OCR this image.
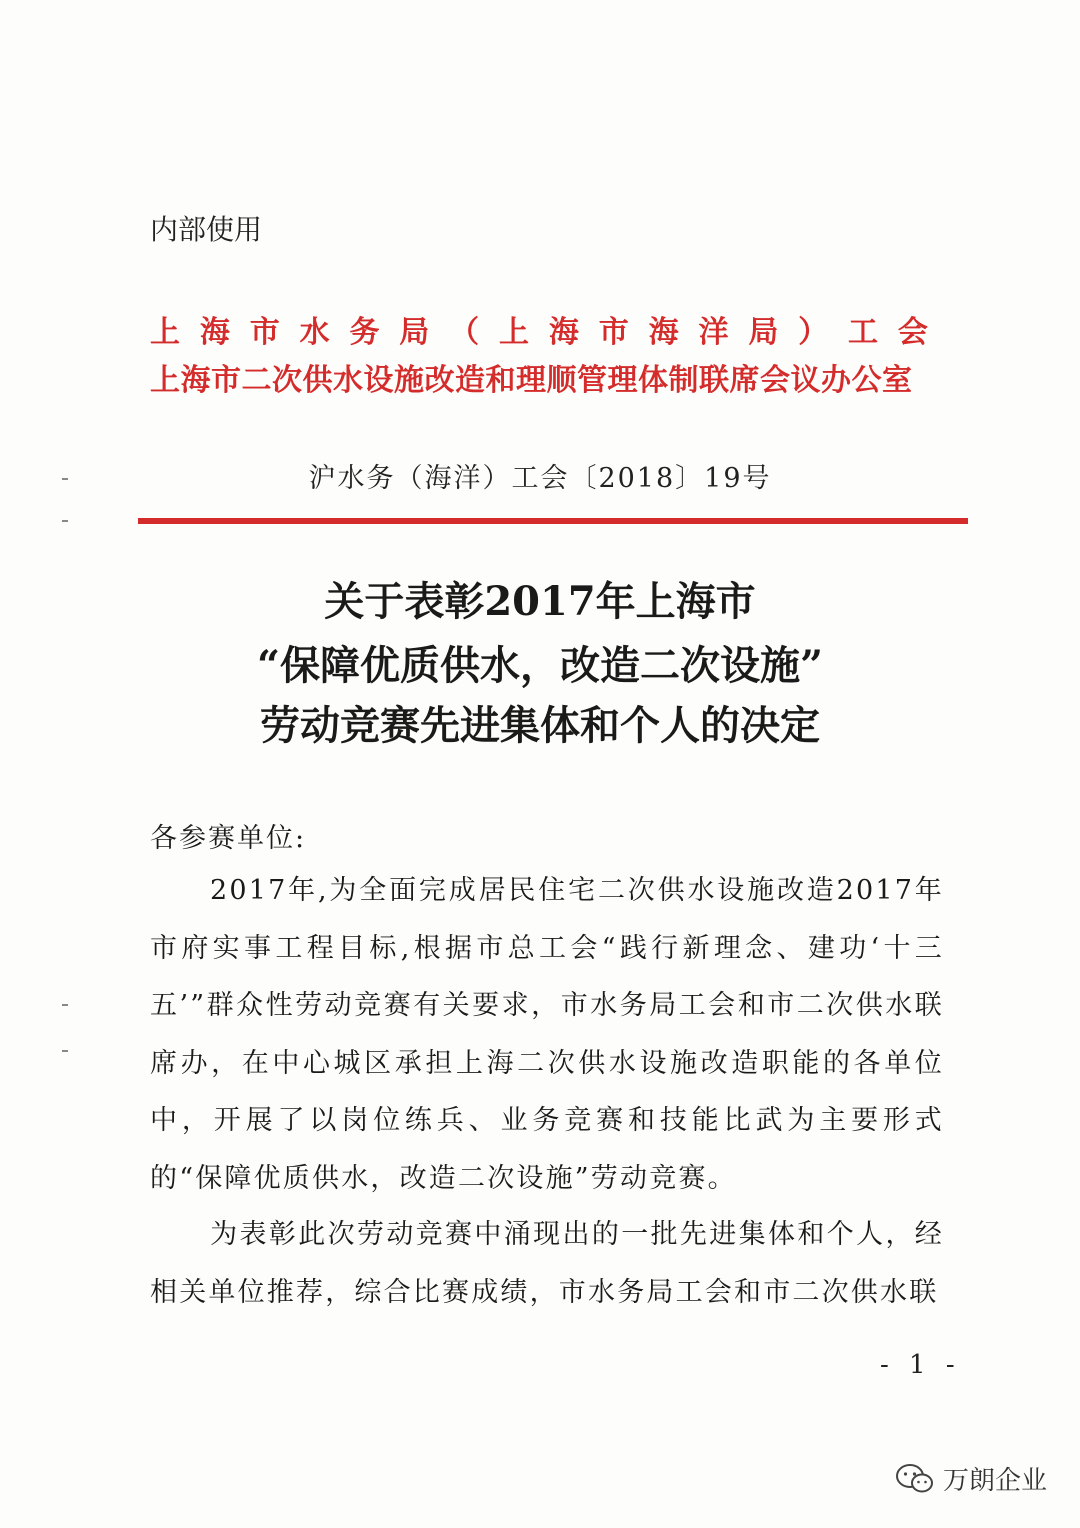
内部使用
上 海 市 水 务 局 （ 上 海 市 海 洋 局 ） 工 会
上海市二次供水设施改造和理顺管理体制联席会议办公室
沪水务（海洋）工会〔2018〕19号
关于表彰2017年上海市
“保障优质供水，改造二次设施”
劳动竞赛先进集体和个人的决定
各参赛单位:
2017年,为全面完成居民住宅二次供水设施改造2017年市府实事工程目标,根据市总工会“践行新理念、建功‘十三五’”群众性劳动竞赛有关要求，市水务局工会和市二次供水联席办，在中心城区承担上海二次供水设施改造职能的各单位中，开展了以岗位练兵、业务竞赛和技能比武为主要形式的“保障优质供水，改造二次设施”劳动竞赛。
为表彰此次劳动竞赛中涌现出的一批先进集体和个人，经相关单位推荐，综合比赛成绩，市水务局工会和市二次供水联
- 1 -
万朗企业
